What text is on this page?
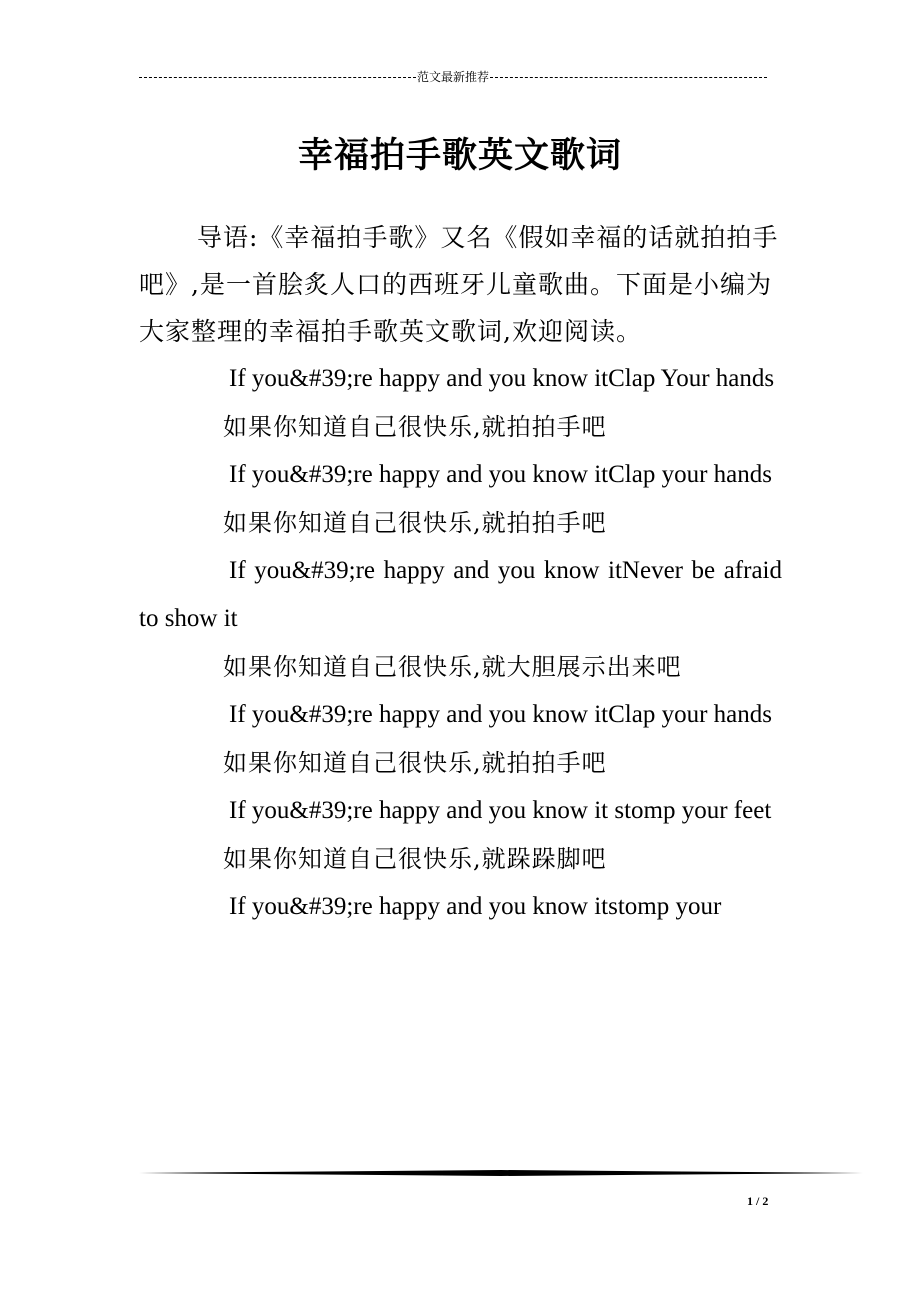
范文最新推荐
幸福拍手歌英文歌词

导语:《幸福拍手歌》又名《假如幸福的话就拍拍手吧》,是一首脍炙人口的西班牙儿童歌曲。下面是小编为大家整理的幸福拍手歌英文歌词,欢迎阅读。

If you&#39;re happy and you know itClap Your hands

如果你知道自己很快乐,就拍拍手吧

If you&#39;re happy and you know itClap your hands

如果你知道自己很快乐,就拍拍手吧

If you&#39;re happy and you know itNever be afraid to show it

如果你知道自己很快乐,就大胆展示出来吧

If you&#39;re happy and you know itClap your hands

如果你知道自己很快乐,就拍拍手吧

If you&#39;re happy and you know it stomp your feet

如果你知道自己很快乐,就跺跺脚吧

If you&#39;re happy and you know itstomp your

1 / 2
